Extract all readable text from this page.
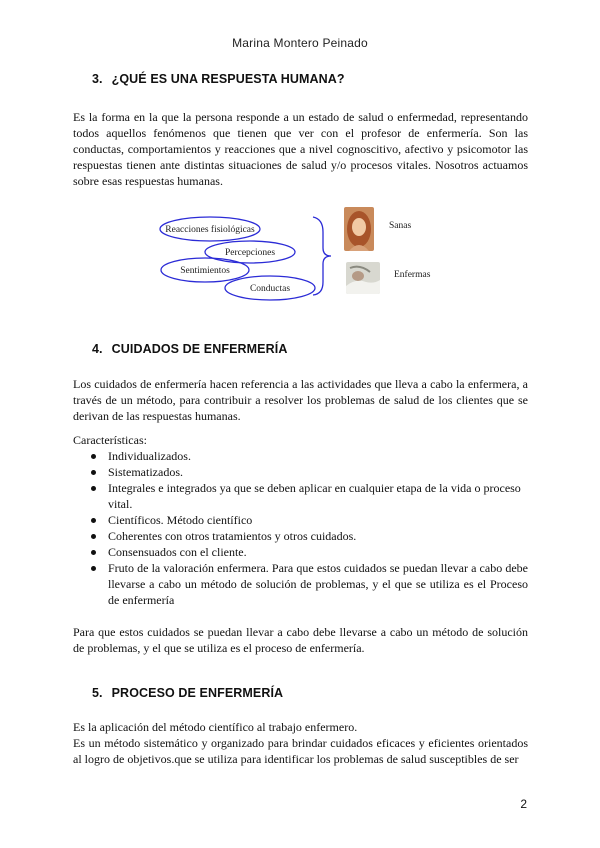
Marina Montero Peinado
3. ¿QUÉ ES UNA RESPUESTA HUMANA?
Es la forma en la que la persona responde a un estado de salud o enfermedad, representando todos aquellos fenómenos que tienen que ver con el profesor de enfermería. Son las conductas, comportamientos y reacciones que a nivel cognoscitivo, afectivo y psicomotor las respuestas tienen ante distintas situaciones de salud y/o procesos vitales. Nosotros actuamos sobre esas respuestas humanas.
Reacciones fisiológicas
Percepciones
Sentimientos
Conductas
Sanas
Enfermas
4. CUIDADOS DE ENFERMERÍA
Los cuidados de enfermería hacen referencia a las actividades que lleva a cabo la enfermera, a través de un método, para contribuir a resolver los problemas de salud de los clientes que se derivan de las respuestas humanas.
Características:
Individualizados.
Sistematizados.
Integrales e integrados ya que se deben aplicar en cualquier etapa de la vida o proceso vital.
Científicos. Método científico
Coherentes con otros tratamientos y otros cuidados.
Consensuados con el cliente.
Fruto de la valoración enfermera. Para que estos cuidados se puedan llevar a cabo debe llevarse a cabo un método de solución de problemas, y el que se utiliza es el Proceso de enfermería
Para que estos cuidados se puedan llevar a cabo debe llevarse a cabo un método de solución de problemas, y el que se utiliza es el proceso de enfermería.
5. PROCESO DE ENFERMERÍA
Es la aplicación del método científico al trabajo enfermero.
Es un método sistemático y organizado para brindar cuidados eficaces y eficientes orientados al logro de objetivos.que se utiliza para identificar los problemas de salud susceptibles de ser
2
